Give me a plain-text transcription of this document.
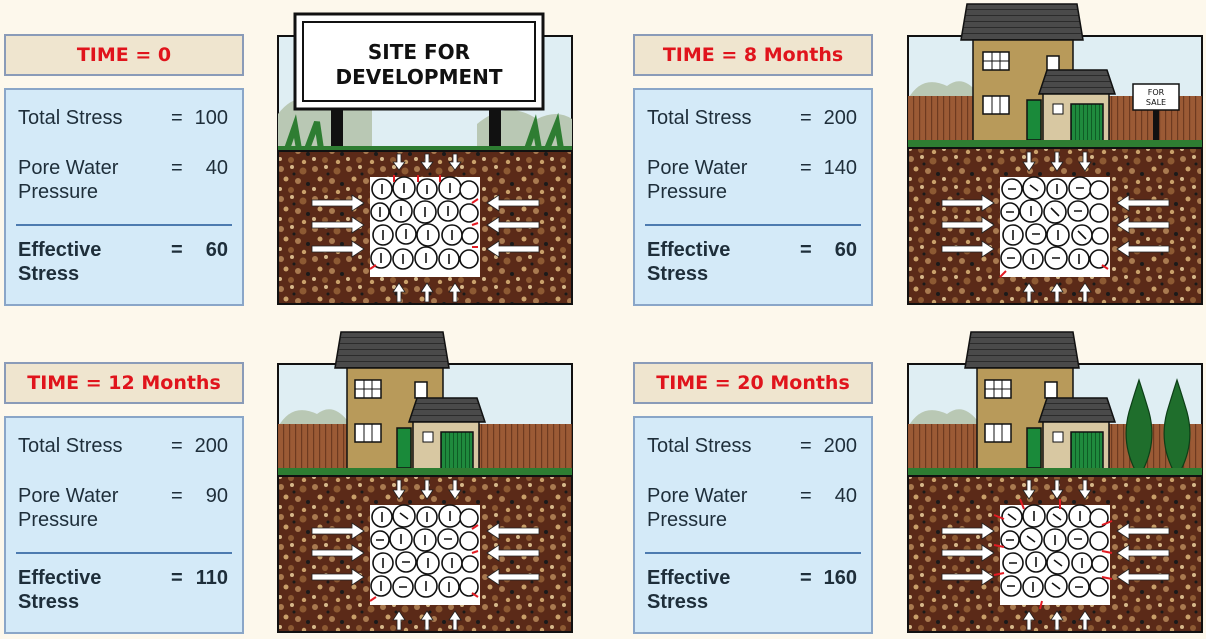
TIME = 0	TIME = 8 Months
TIME = 12 Months	TIME = 20 Months
Total Stress = 100
Pore Water	= 40
Pressure
Effective	= 60
Stress
Total Stress = 200
Pore Water	= 140
Pressure
Effective	= 60
Stress
Total Stress = 200
Pore Water	= 90
Pressure
Effective	= 110
Stress
Total Stress = 200
Pore Water	= 40
Pressure
Effective	= 160
Stress
SITE FOR
DEVELOPMENT
FOR
SALE
